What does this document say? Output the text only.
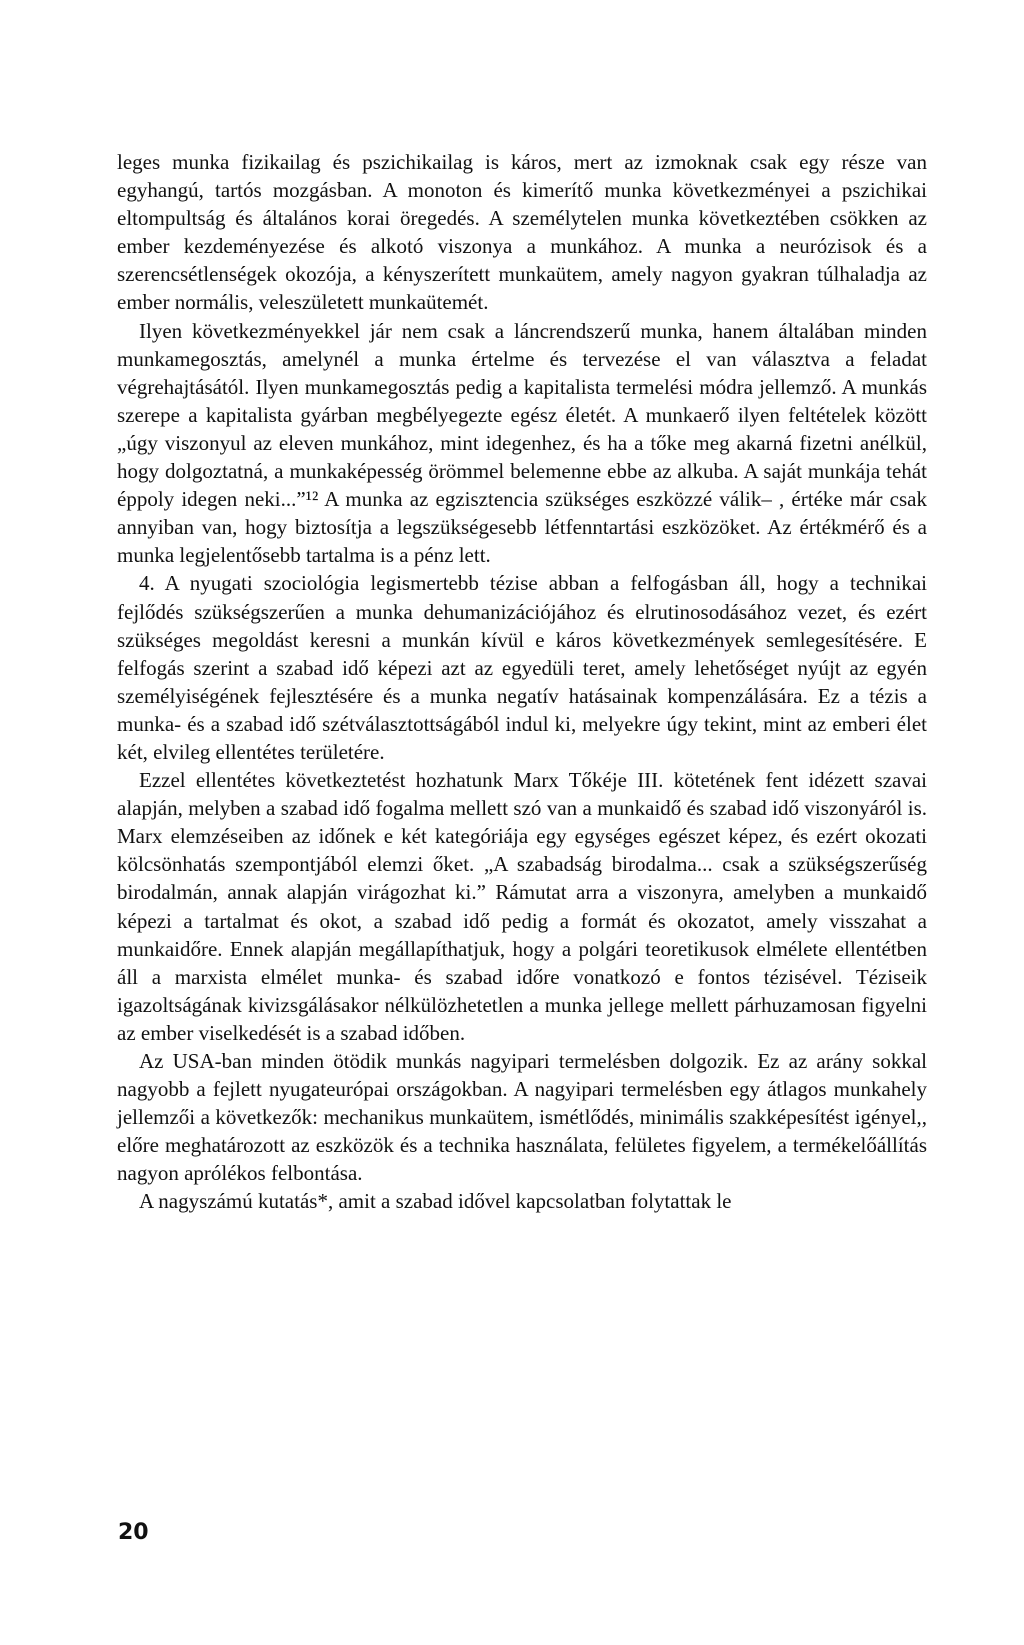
leges munka fizikailag és pszichikailag is káros, mert az izmoknak csak egy része van egyhangú, tartós mozgásban. A monoton és kimerítő munka következményei a pszichikai eltompultság és általános korai öregedés. A személytelen munka következtében csökken az ember kezdeményezése és alkotó viszonya a munkához. A munka a neurózisok és a szerencsétlenségek okozója, a kényszerített munkaütem, amely nagyon gyakran túlhaladja az ember normális, veleszületett munkaütemét.

Ilyen következményekkel jár nem csak a láncrendszerű munka, hanem általában minden munkamegosztás, amelynél a munka értelme és tervezése el van választva a feladat végrehajtásától. Ilyen munkamegosztás pedig a kapitalista termelési módra jellemző. A munkás szerepe a kapitalista gyárban megbélyegezte egész életét. A munkaerő ilyen feltételek között „úgy viszonyul az eleven munkához, mint idegenhez, és ha a tőke meg akarná fizetni anélkül, hogy dolgoztatná, a munkaképesség örömmel belemenne ebbe az alkuba. A saját munkája tehát éppoly idegen neki...”¹² A munka az egzisztencia szükséges eszközzé válik– , értéke már csak annyiban van, hogy biztosítja a legszükségesebb létfenntartási eszközöket. Az értékmérő és a munka legjelentősebb tartalma is a pénz lett.

4. A nyugati szociológia legismertebb tézise abban a felfogásban áll, hogy a technikai fejlődés szükségszerűen a munka dehumanizációjához és elrutinosodásához vezet, és ezért szükséges megoldást keresni a munkán kívül e káros következmények semlegesítésére. E felfogás szerint a szabad idő képezi azt az egyedüli teret, amely lehetőséget nyújt az egyén személyiségének fejlesztésére és a munka negatív hatásainak kompenzálására. Ez a tézis a munka- és a szabad idő szétválasztottságából indul ki, melyekre úgy tekint, mint az emberi élet két, elvileg ellentétes területére.

Ezzel ellentétes következtetést hozhatunk Marx Tőkéje III. kötetének fent idézett szavai alapján, melyben a szabad idő fogalma mellett szó van a munkaidő és szabad idő viszonyáról is. Marx elemzéseiben az időnek e két kategóriája egy egységes egészet képez, és ezért okozati kölcsönhatás szempontjából elemzi őket. „A szabadság birodalma... csak a szükségszerűség birodalmán, annak alapján virágozhat ki.” Rámutat arra a viszonyra, amelyben a munkaidő képezi a tartalmat és okot, a szabad idő pedig a formát és okozatot, amely visszahat a munkaidőre. Ennek alapján megállapíthatjuk, hogy a polgári teoretikusok elmélete ellentétben áll a marxista elmélet munka- és szabad időre vonatkozó e fontos tézisével. Téziseik igazoltságának kivizsgálásakor nélkülözhetetlen a munka jellege mellett párhuzamosan figyelni az ember viselkedését is a szabad időben.

Az USA-ban minden ötödik munkás nagyipari termelésben dolgozik. Ez az arány sokkal nagyobb a fejlett nyugateurópai országokban. A nagyipari termelésben egy átlagos munkahely jellemzői a következők: mechanikus munkaütem, ismétlődés, minimális szakképesítést igényel,, előre meghatározott az eszközök és a technika használata, felületes figyelem, a termékelőállítás nagyon aprólékos felbontása.

A nagyszámú kutatás*, amit a szabad idővel kapcsolatban folytattak le

20
